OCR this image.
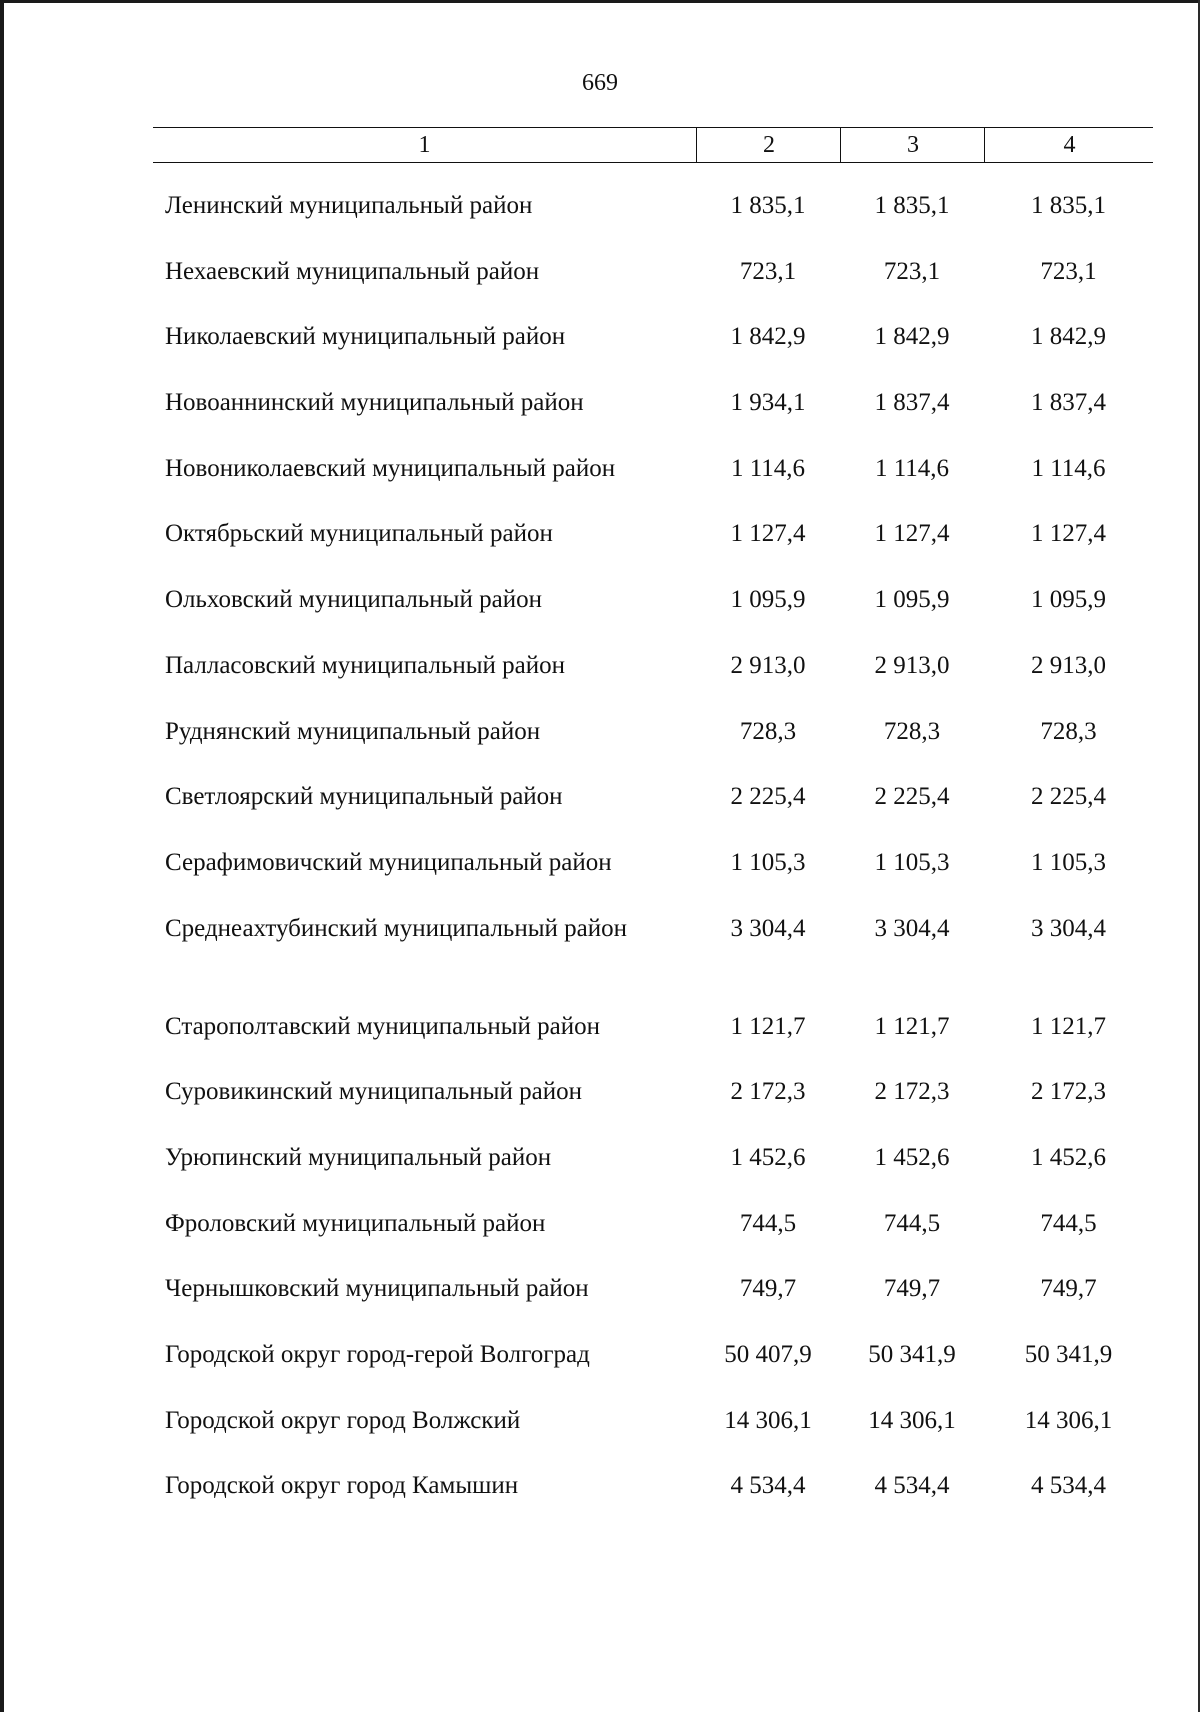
669
1	2	3	4
Ленинский муниципальный район	1 835,1	1 835,1	1 835,1
Нехаевский муниципальный район	723,1	723,1	723,1
Николаевский муниципальный район	1 842,9	1 842,9	1 842,9
Новоаннинский муниципальный район	1 934,1	1 837,4	1 837,4
Новониколаевский муниципальный район	1 114,6	1 114,6	1 114,6
Октябрьский муниципальный район	1 127,4	1 127,4	1 127,4
Ольховский муниципальный район	1 095,9	1 095,9	1 095,9
Палласовский муниципальный район	2 913,0	2 913,0	2 913,0
Руднянский муниципальный район	728,3	728,3	728,3
Светлоярский муниципальный район	2 225,4	2 225,4	2 225,4
Серафимовичский муниципальный район	1 105,3	1 105,3	1 105,3
Среднеахтубинский муниципальный район	3 304,4	3 304,4	3 304,4
Старополтавский муниципальный район	1 121,7	1 121,7	1 121,7
Суровикинский муниципальный район	2 172,3	2 172,3	2 172,3
Урюпинский муниципальный район	1 452,6	1 452,6	1 452,6
Фроловский муниципальный район	744,5	744,5	744,5
Чернышковский муниципальный район	749,7	749,7	749,7
Городской округ город-герой Волгоград	50 407,9	50 341,9	50 341,9
Городской округ город Волжский	14 306,1	14 306,1	14 306,1
Городской округ город Камышин	4 534,4	4 534,4	4 534,4
